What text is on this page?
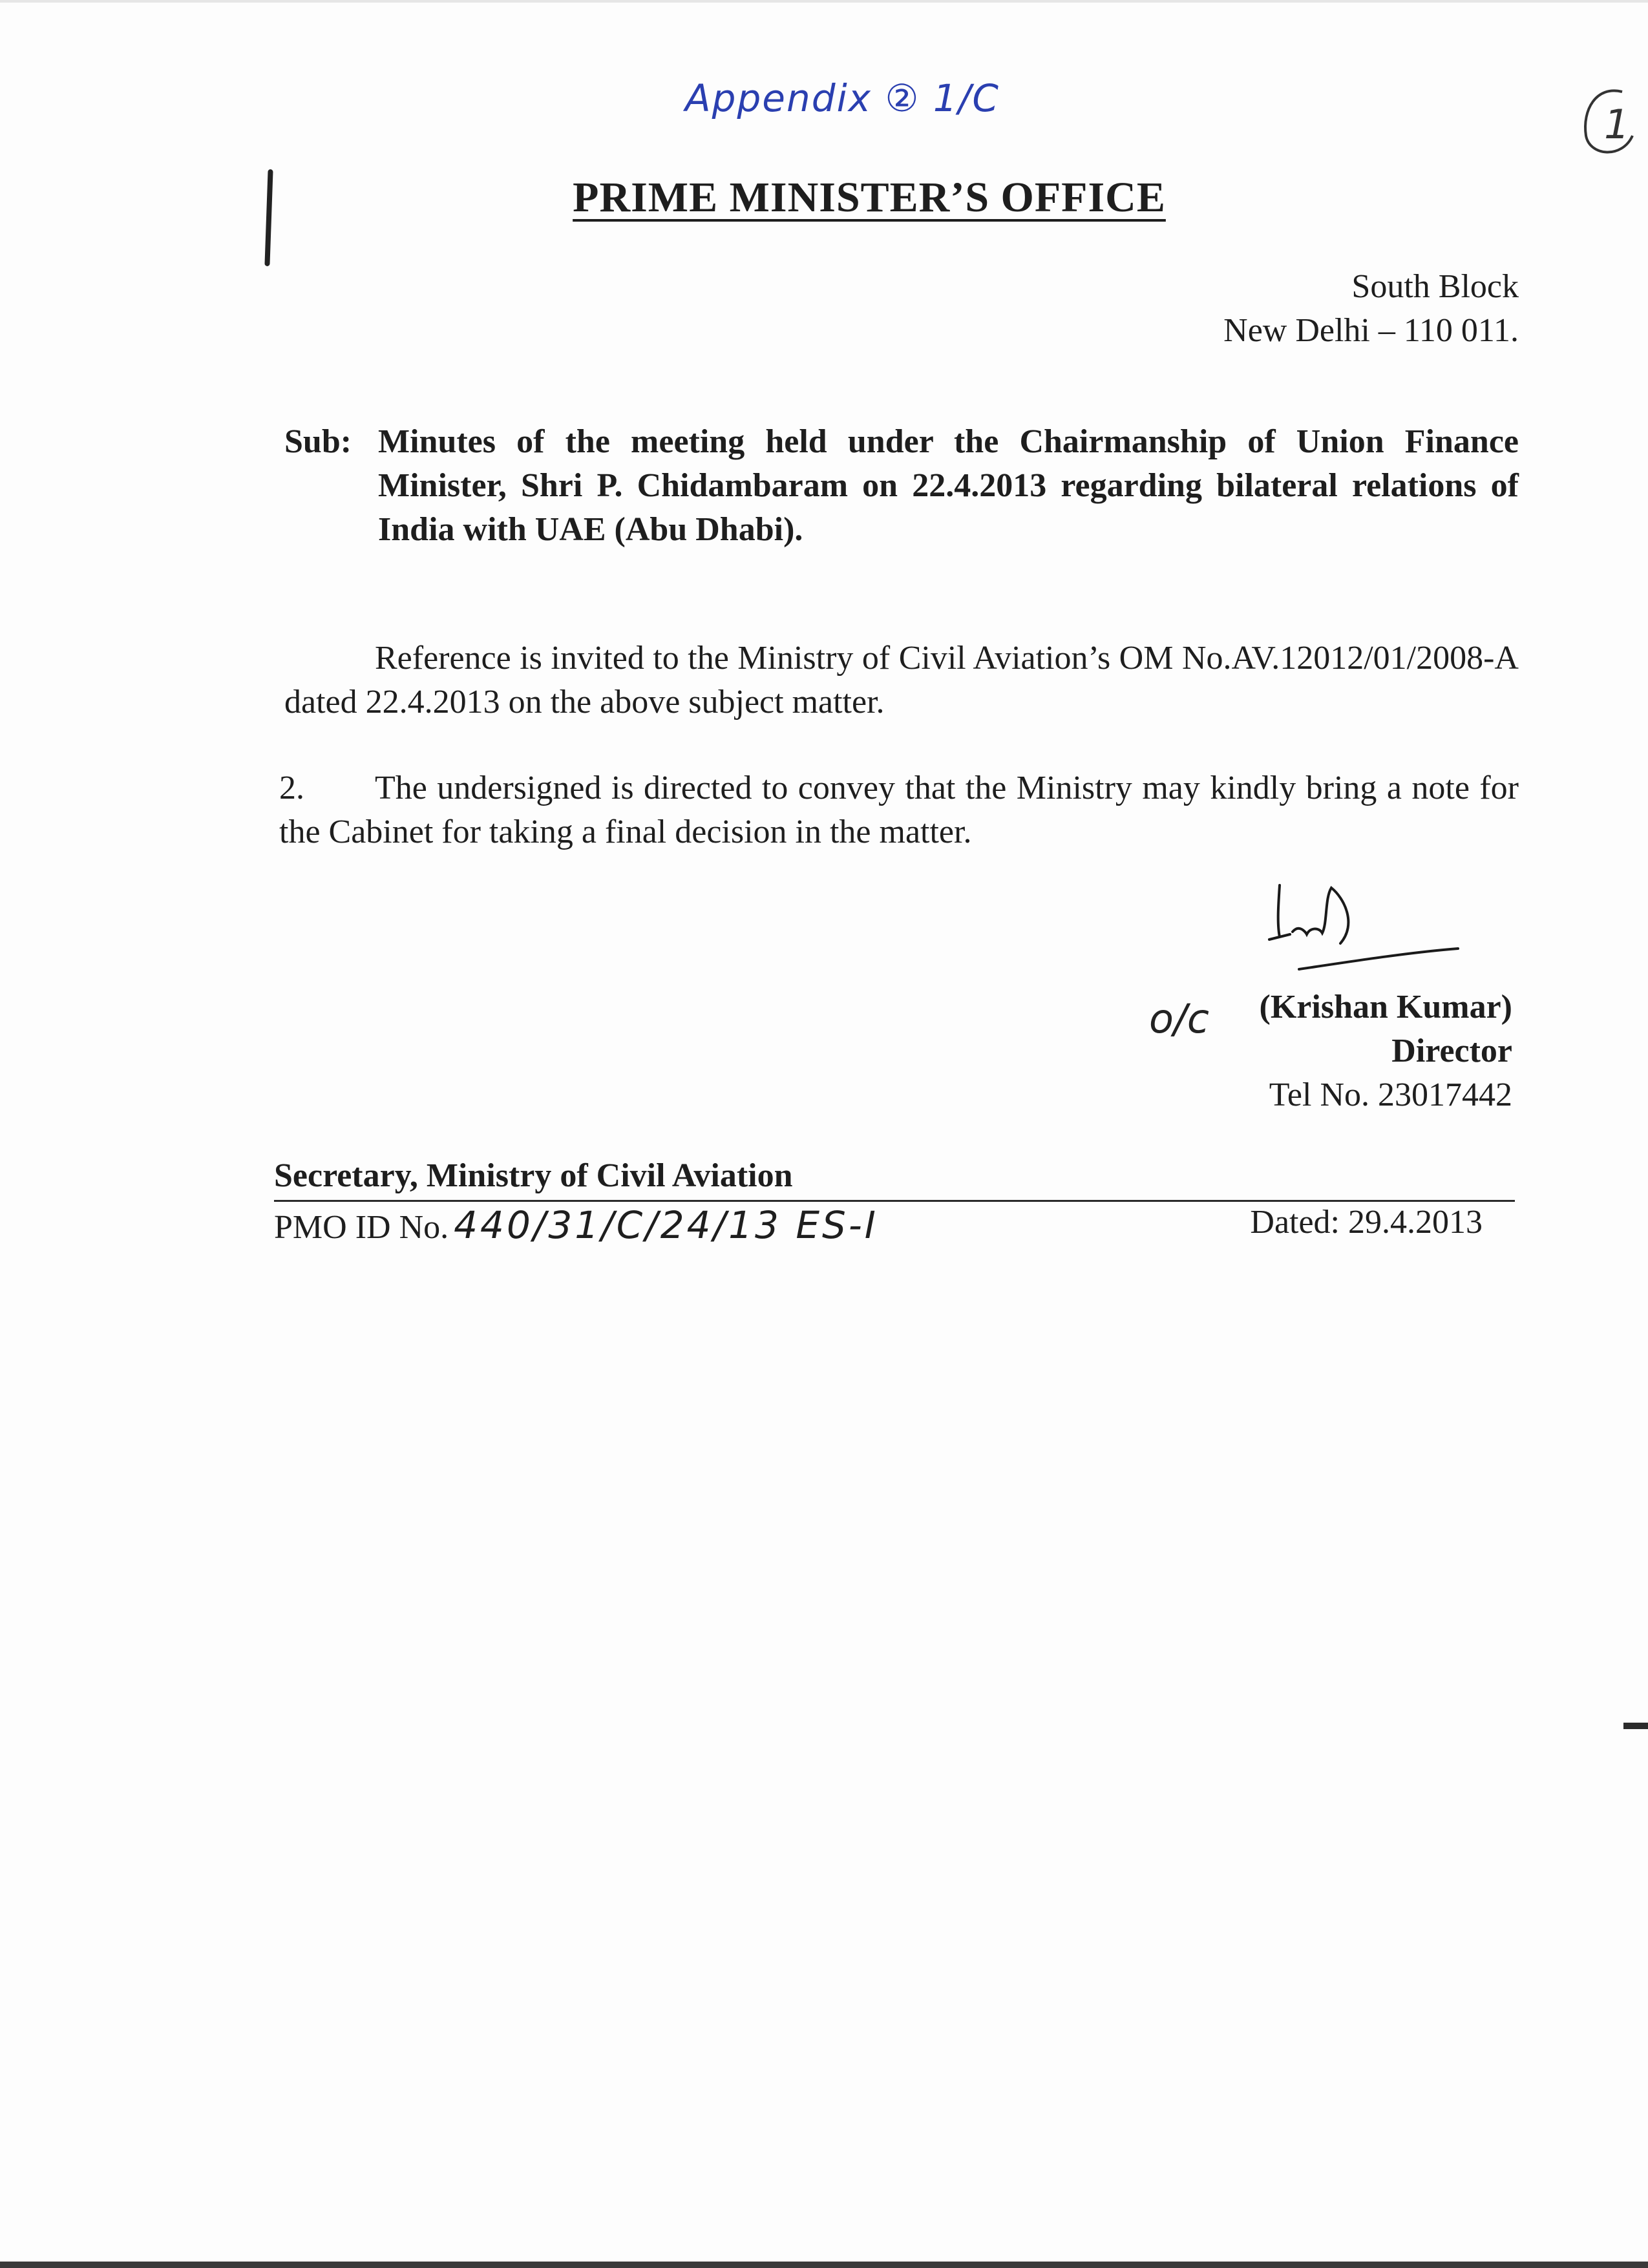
Appendix ② 1/C
1
PRIME MINISTER’S OFFICE
South Block
New Delhi – 110 011.
Sub: Minutes of the meeting held under the Chairmanship of Union Finance Minister, Shri P. Chidambaram on 22.4.2013 regarding bilateral relations of India with UAE (Abu Dhabi).
Reference is invited to the Ministry of Civil Aviation’s OM No.AV.12012/01/2008-A dated 22.4.2013 on the above subject matter.
2. The undersigned is directed to convey that the Ministry may kindly bring a note for the Cabinet for taking a final decision in the matter.
o/c (Krishan Kumar)
Director
Tel No. 23017442
Secretary, Ministry of Civil Aviation
PMO ID No. 440/31/C/24/13 ES-I	Dated: 29.4.2013
